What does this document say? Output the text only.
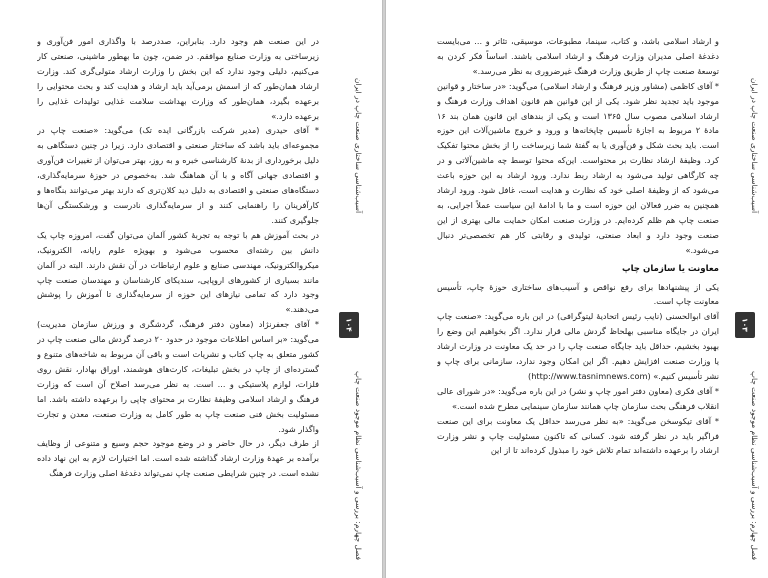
در این صنعت هم وجود دارد. بنابراین، صددرصد با واگذاری امور فن‌آوری و زیرساختی به وزارت صنایع موافقم. در ضمن، چون ما بهطور ماشینی، صنعتی کار می‌کنیم، دلیلی وجود ندارد که این بخش را وزارت ارشاد متولی‌گری کند. وزارت ارشاد همان‌طور که از اسمش برمی‌آید باید ارشاد و هدایت کند و بحث محتوایی را برعهده بگیرد، همان‌طور که وزارت بهداشت سلامت غذایی تولیدات غذایی را برعهده دارد.»

* آقای حیدری (مدیر شرکت بازرگانی ایده تک) می‌گوید: «صنعت چاپ در مجموعه‌ای باید باشد که ساختار صنعتی و اقتصادی دارد. زیرا در چنین دستگاهی به دلیل برخورداری از بدنهٔ کارشناسی خبره و به روز، بهتر می‌توان از تغییرات فن‌آوری و اقتصادی جهانی آگاه و با آن هماهنگ شد. به‌خصوص در حوزهٔ سرمایه‌گذاری، دستگاه‌های صنعتی و اقتصادی به دلیل دید کلان‌تری که دارند بهتر می‌توانند بنگاه‌ها و کارآفرینان را راهنمایی کنند و از سرمایه‌گذاری نادرست و ورشکستگی آن‌ها جلوگیری کنند.

در بحث آموزش هم با توجه به تجربهٔ کشور آلمان می‌توان گفت، امروزه چاپ یک دانش بین رشته‌ای محسوب می‌شود و بهویژه علوم رایانه، الکترونیک، میکروالکترونیک، مهندسی صنایع و علوم ارتباطات در آن نقش دارند. البته در آلمان مانند بسیاری از کشورهای اروپایی، سندیکای کارشناسان و مهندسان صنعت چاپ وجود دارد که تمامی نیازهای این حوزه از سرمایه‌گذاری تا آموزش را پوشش می‌دهند.»

* آقای جعفرنژاد (معاون دفتر فرهنگ، گردشگری و ورزش سازمان مدیریت) می‌گوید: «بر اساس اطلاعات موجود در حدود ۲۰ درصد گردش مالی صنعت چاپ در کشور متعلق به چاپ کتاب و نشریات است و باقی آن مربوط به شاخه‌های متنوع و گسترده‌ای از چاپ در بخش تبلیغات، کارت‌های هوشمند، اوراق بهادار، نقش روی فلزات، لوازم پلاستیکی و ... است. به نظر می‌رسد اصلاح آن است که وزارت فرهنگ و ارشاد اسلامی وظیفهٔ نظارت بر محتوای چاپی را برعهده داشته باشد. اما مسئولیت بخش فنی صنعت چاپ به طور کامل به وزارت صنعت، معدن و تجارت واگذار شود.

از طرف دیگر، در حال حاضر و در وضع موجود حجم وسیع و متنوعی از وظایف برآمده بر عهدهٔ وزارت ارشاد گذاشته شده است. اما اختیارات لازم به این نهاد داده نشده است. در چنین شرایطی صنعت چاپ نمی‌تواند دغدغهٔ اصلی وزارت فرهنگ

آسیب‌شناسی ساختاری صنعت چاپ در ایران
۱۰۴
فصل چهارم: بررسی و آسیب‌شناسی نظام موجود صنعت چاپ

و ارشاد اسلامی باشد، و کتاب، سینما، مطبوعات، موسیقی، تئاتر و ... می‌بایست دغدغهٔ اصلی مدیران وزارت فرهنگ و ارشاد اسلامی باشند. اساساً فکر کردن به توسعهٔ صنعت چاپ از طریق وزارت فرهنگ غیرضروری به نظر می‌رسد.»

* آقای کاظمی (مشاور وزیر فرهنگ و ارشاد اسلامی) می‌گوید: «در ساختار و قوانین موجود باید تجدید نظر شود. یکی از این قوانین هم قانون اهداف وزارت فرهنگ و ارشاد اسلامی مصوب سال ۱۳۶۵ است و یکی از بندهای این قانون همان بند ۱۶ مادهٔ ۲ مربوط به اجازهٔ تأسیس چاپخانه‌ها و ورود و خروج ماشین‌آلات این حوزه است. باید بحث شکل و فن‌آوری یا به گفتهٔ شما زیرساخت را از بخش محتوا تفکیک کرد. وظیفهٔ ارشاد نظارت بر محتواست. این‌که محتوا توسط چه ماشین‌آلاتی و در چه کارگاهی تولید می‌شود به ارشاد ربط ندارد. ورود ارشاد به این حوزه باعث می‌شود که از وظیفهٔ اصلی خود که نظارت و هدایت است، غافل شود. ورود ارشاد همچنین به ضرر فعالان این حوزه است و ما با ادامهٔ این سیاست عملاً اجرایی، به صنعت چاپ هم ظلم کرده‌ایم. در وزارت صنعت امکان حمایت مالی بهتری از این صنعت وجود دارد و ابعاد صنعتی، تولیدی و رقابتی کار هم تخصصی‌تر دنبال می‌شود.»

معاونت یا سازمان چاپ

یکی از پیشنهادها برای رفع نواقص و آسیب‌های ساختاری حوزهٔ چاپ، تأسیس معاونت چاپ است.

آقای ابوالحسنی (نایب رئیس اتحادیهٔ لیتوگرافی) در این باره می‌گوید: «صنعت چاپ ایران در جایگاه مناسبی بهلحاظ گردش مالی قرار ندارد. اگر بخواهیم این وضع را بهبود بخشیم، حداقل باید جایگاه صنعت چاپ را در حد یک معاونت در وزارت ارشاد یا وزارت صنعت افزایش دهیم. اگر این امکان وجود ندارد، سازمانی برای چاپ و نشر تأسیس کنیم.» (http://www.tasnimnews.com)

* آقای فکری (معاون دفتر امور چاپ و نشر) در این باره می‌گوید: «در شورای عالی انقلاب فرهنگی بحث سازمان چاپ همانند سازمان سینمایی مطرح شده است.»

* آقای تیکوسخن می‌گوید: «به نظر می‌رسد حداقل یک معاونت برای این صنعت فراگیر باید در نظر گرفته شود. کسانی که تاکنون مسئولیت چاپ و نشر وزارت ارشاد را برعهده داشته‌اند تمام تلاش خود را مبذول کرده‌اند تا از این

آسیب‌شناسی ساختاری صنعت چاپ در ایران
۱۰۳
فصل چهارم: بررسی و آسیب‌شناسی نظام موجود صنعت چاپ
